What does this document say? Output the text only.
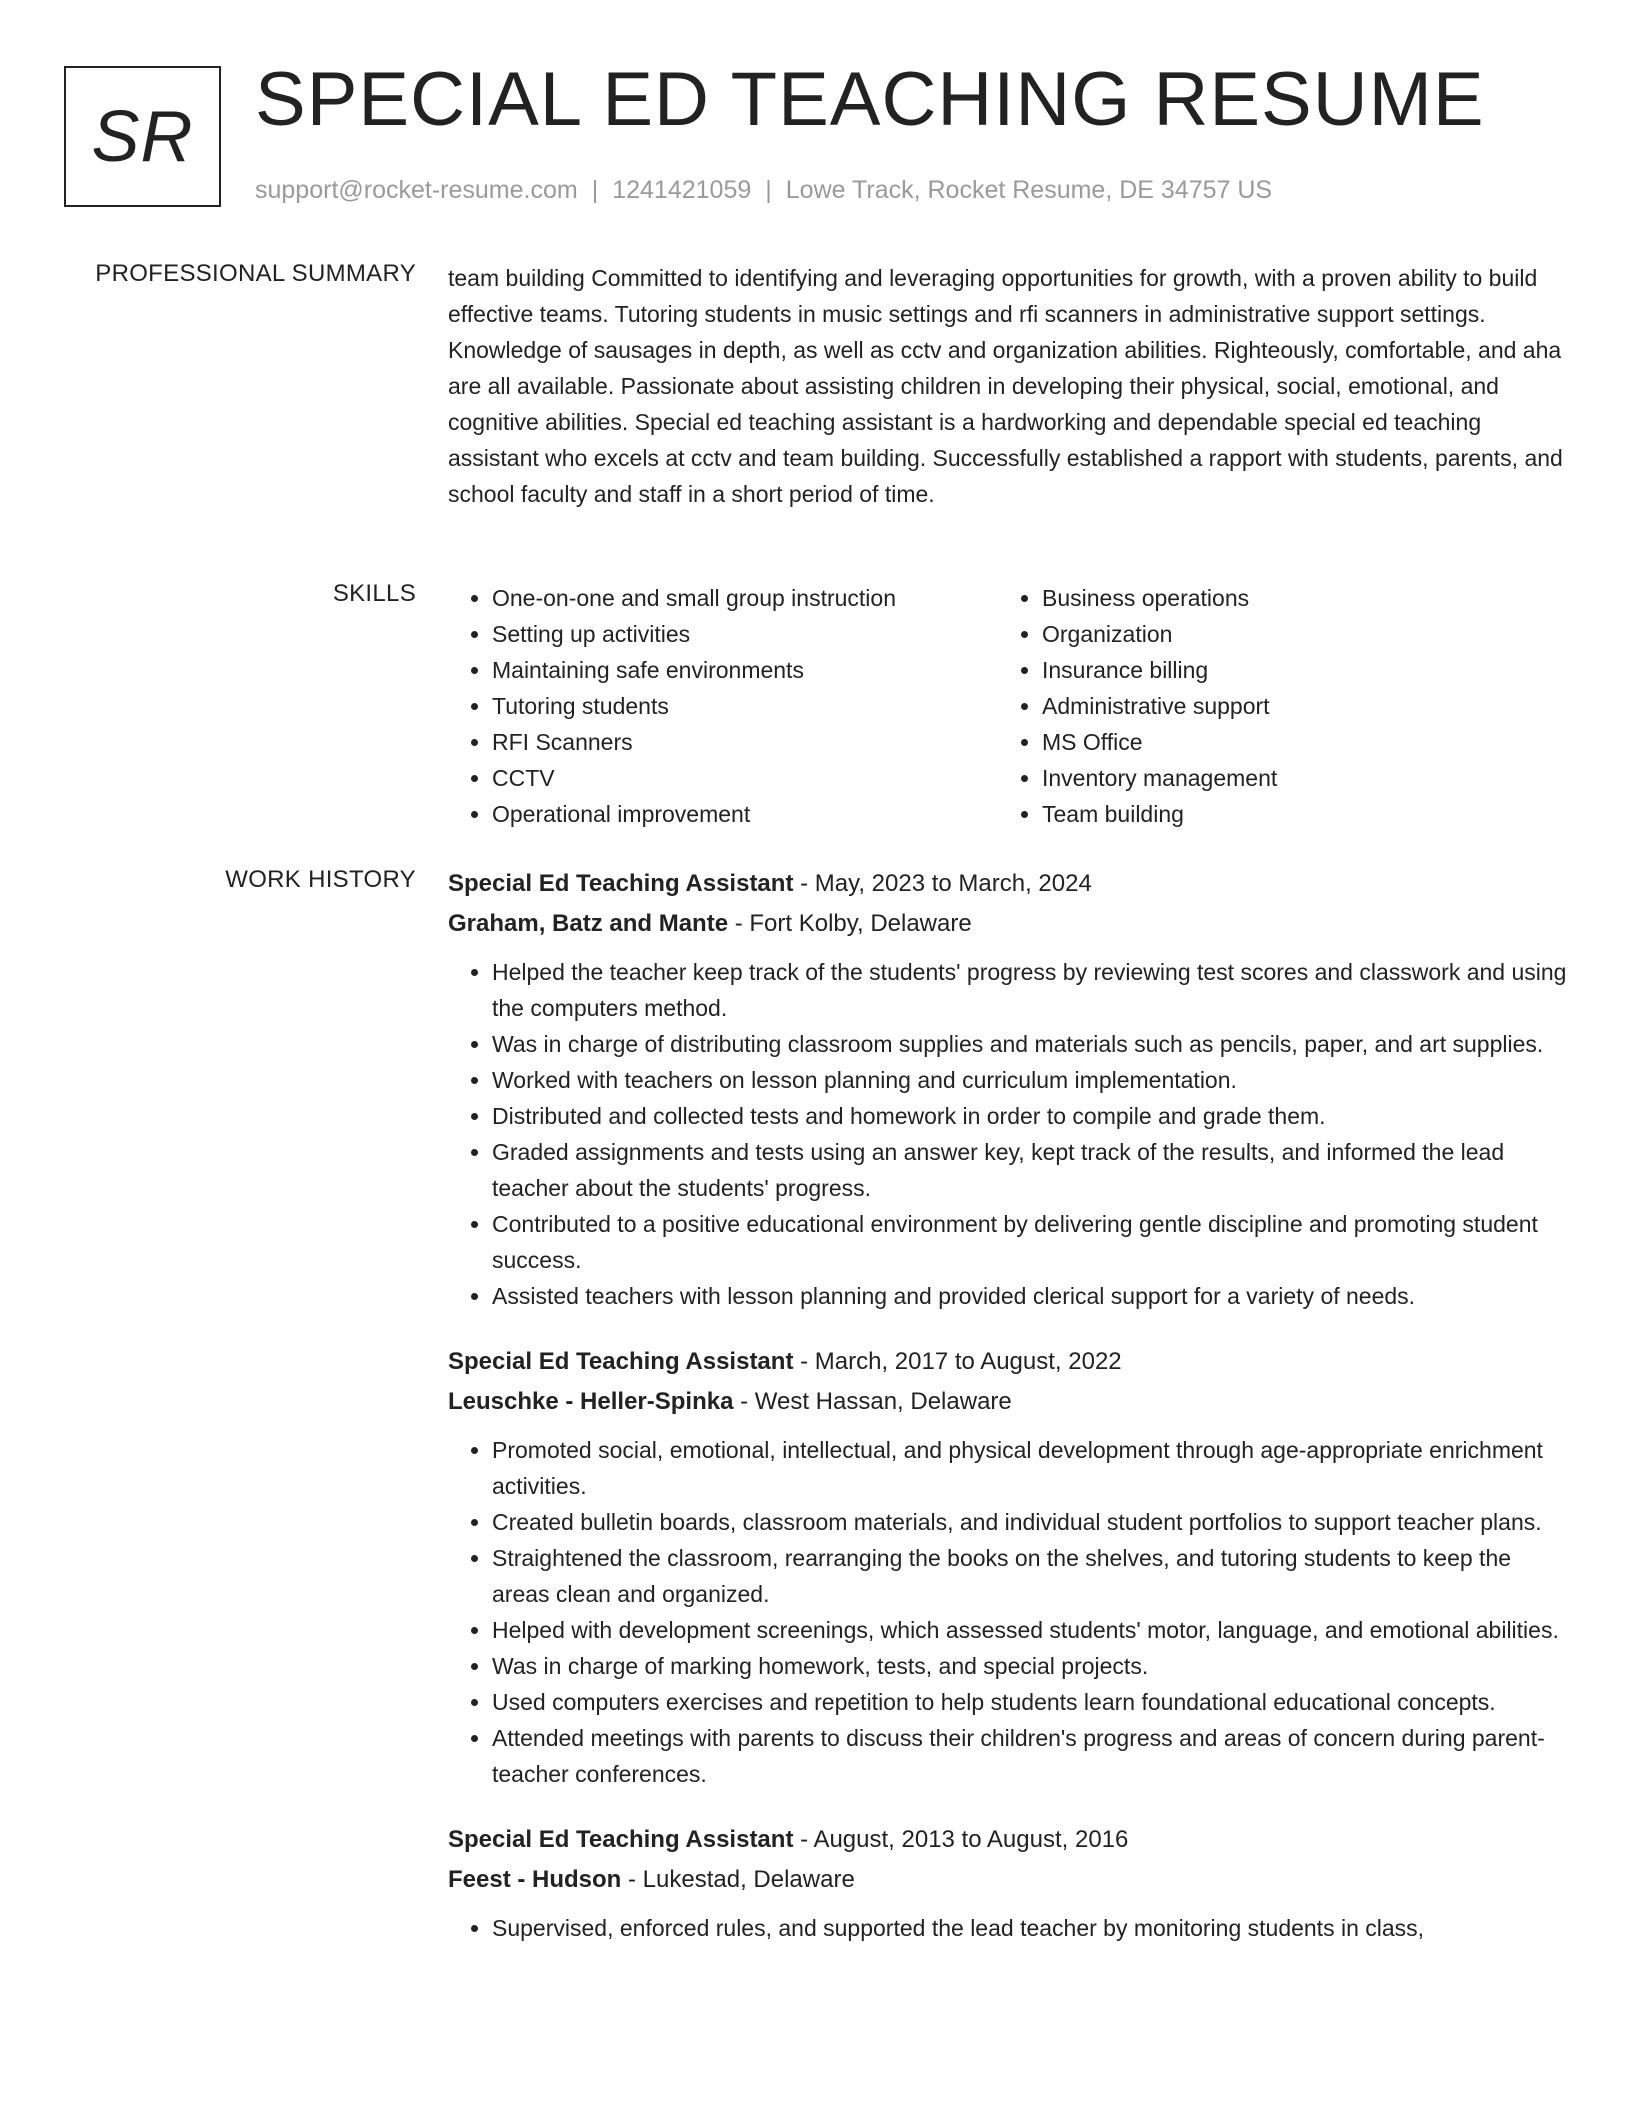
SR SPECIAL ED TEACHING RESUME
support@rocket-resume.com | 1241421059 | Lowe Track, Rocket Resume, DE 34757 US
PROFESSIONAL SUMMARY team building Committed to identifying and leveraging opportunities for growth, with a proven ability to build effective teams. Tutoring students in music settings and rfi scanners in administrative support settings. Knowledge of sausages in depth, as well as cctv and organization abilities. Righteously, comfortable, and aha are all available. Passionate about assisting children in developing their physical, social, emotional, and cognitive abilities. Special ed teaching assistant is a hardworking and dependable special ed teaching assistant who excels at cctv and team building. Successfully established a rapport with students, parents, and school faculty and staff in a short period of time.

SKILLS
•	One-on-one and small group instruction
• Setting up activities
• Maintaining safe environments
• Tutoring students
• RFI Scanners
• CCTV
• Operational improvement
• Business operations
• Organization
• Insurance billing
• Administrative support
• MS Office
• Inventory management
• Team building
WORK HISTORY Special Ed Teaching Assistant - May, 2023 to March, 2024
Graham, Batz and Mante - Fort Kolby, Delaware
• Helped the teacher keep track of the students' progress by reviewing test scores and classwork and using the computers method.
• Was in charge of distributing classroom supplies and materials such as pencils, paper, and art supplies.
• Worked with teachers on lesson planning and curriculum implementation.
• Distributed and collected tests and homework in order to compile and grade them.
• Graded assignments and tests using an answer key, kept track of the results, and informed the lead teacher about the students' progress.
• Contributed to a positive educational environment by delivering gentle discipline and promoting student success.
• Assisted teachers with lesson planning and provided clerical support for a variety of needs.
Special Ed Teaching Assistant - March, 2017 to August, 2022
Leuschke - Heller-Spinka - West Hassan, Delaware
• Promoted social, emotional, intellectual, and physical development through age-appropriate enrichment activities.
• Created bulletin boards, classroom materials, and individual student portfolios to support teacher plans.
• Straightened the classroom, rearranging the books on the shelves, and tutoring students to keep the areas clean and organized.
• Helped with development screenings, which assessed students' motor, language, and emotional abilities.
• Was in charge of marking homework, tests, and special projects.
• Used computers exercises and repetition to help students learn foundational educational concepts.
• Attended meetings with parents to discuss their children's progress and areas of concern during parent-teacher conferences.
Special Ed Teaching Assistant - August, 2013 to August, 2016
Feest - Hudson - Lukestad, Delaware
• Supervised, enforced rules, and supported the lead teacher by monitoring students in class,
